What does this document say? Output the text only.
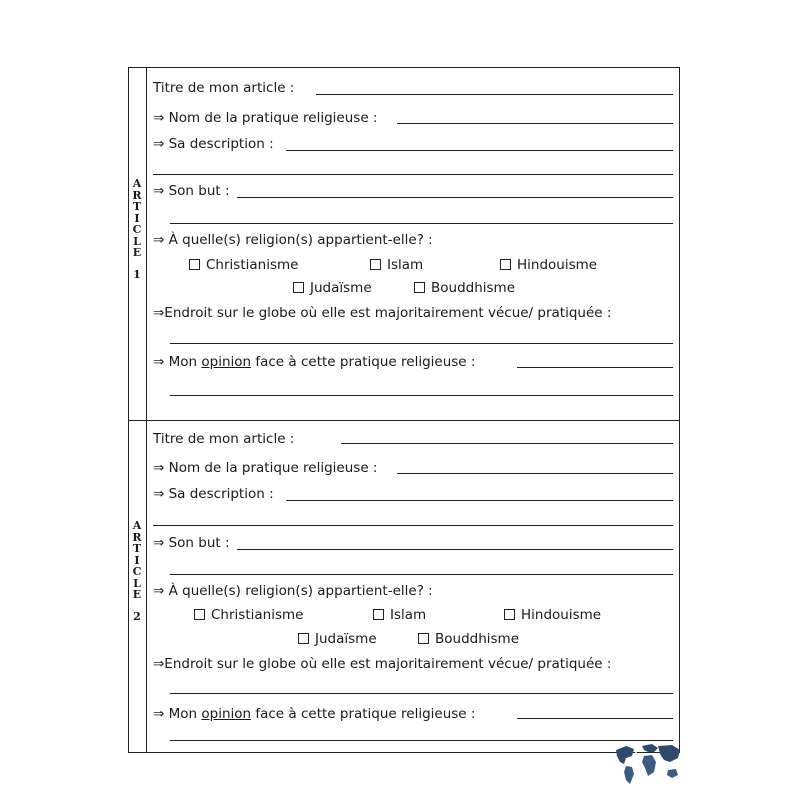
A
R
T
I
C
L
E
1
Titre de mon article :
⇒ Nom de la pratique religieuse :
⇒ Sa description :
⇒ Son but :
⇒ À quelle(s) religion(s) appartient-elle? :
Christianisme	Islam	Hindouisme
Judaïsme	Bouddhisme
⇒Endroit sur le globe où elle est majoritairement vécue/ pratiquée :
⇒ Mon opinion face à cette pratique religieuse :
A
R
T
I
C
L
E
2
Titre de mon article :
⇒ Nom de la pratique religieuse :
⇒ Sa description :
⇒ Son but :
⇒ À quelle(s) religion(s) appartient-elle? :
Christianisme	Islam	Hindouisme
Judaïsme	Bouddhisme
⇒Endroit sur le globe où elle est majoritairement vécue/ pratiquée :
⇒ Mon opinion face à cette pratique religieuse :
